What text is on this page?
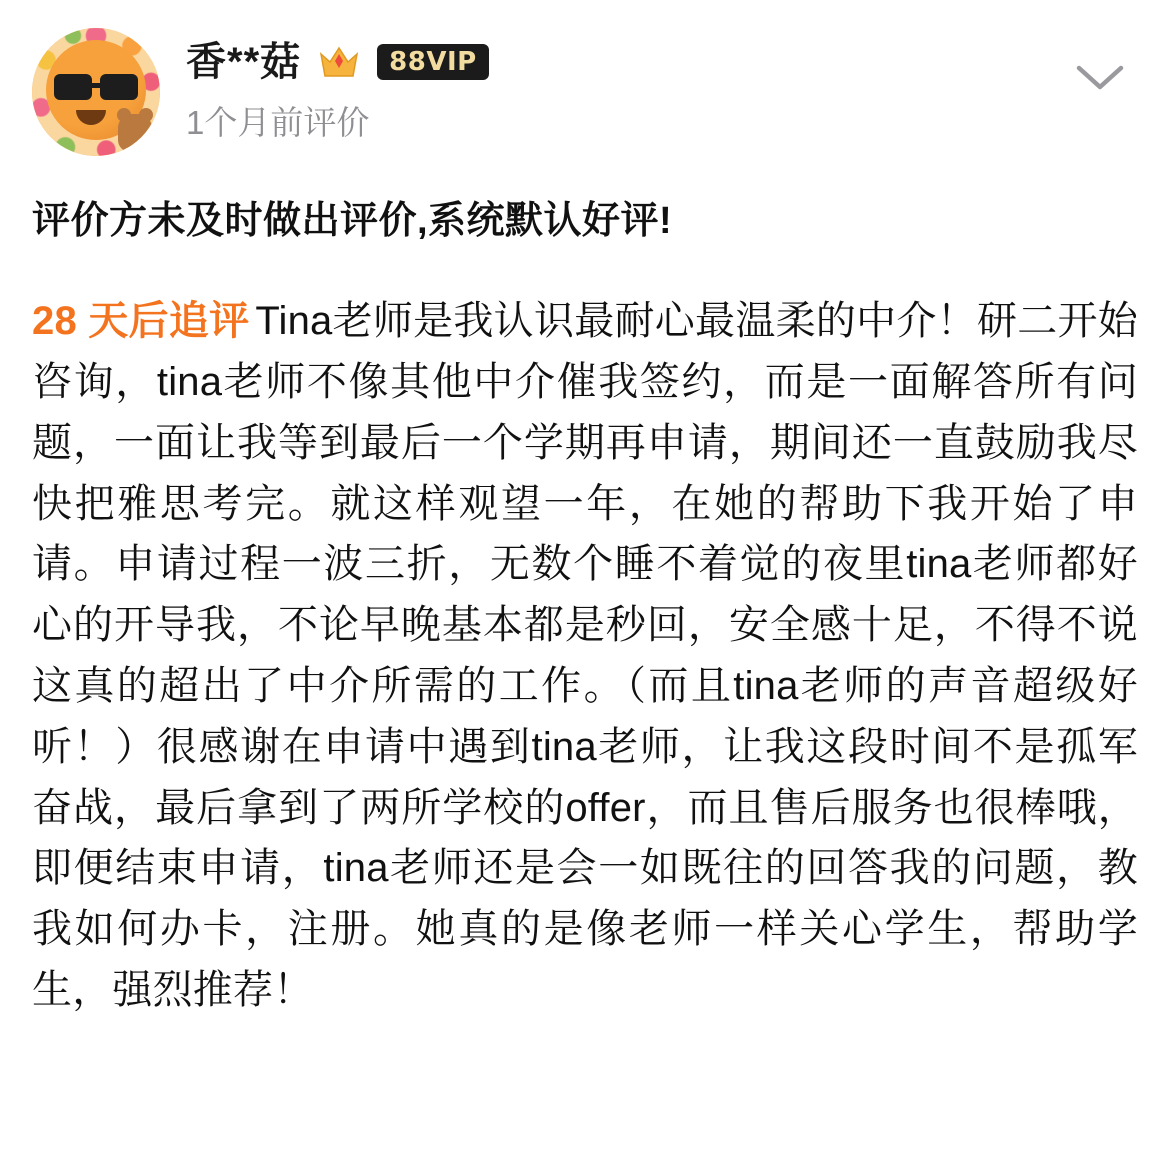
香**菇	88VIP
1个月前评价
评价方未及时做出评价,系统默认好评!
28 天后追评 Tina老师是我认识最耐心最温柔的中介！研二开始咨询，tina老师不像其他中介催我签约，而是一面解答所有问题，一面让我等到最后一个学期再申请，期间还一直鼓励我尽快把雅思考完。就这样观望一年，在她的帮助下我开始了申请。申请过程一波三折，无数个睡不着觉的夜里tina老师都好心的开导我，不论早晚基本都是秒回，安全感十足，不得不说这真的超出了中介所需的工作。（而且tina老师的声音超级好听！）很感谢在申请中遇到tina老师，让我这段时间不是孤军奋战，最后拿到了两所学校的offer，而且售后服务也很棒哦，即便结束申请，tina老师还是会一如既往的回答我的问题，教我如何办卡，注册。她真的是像老师一样关心学生，帮助学生，强烈推荐！
